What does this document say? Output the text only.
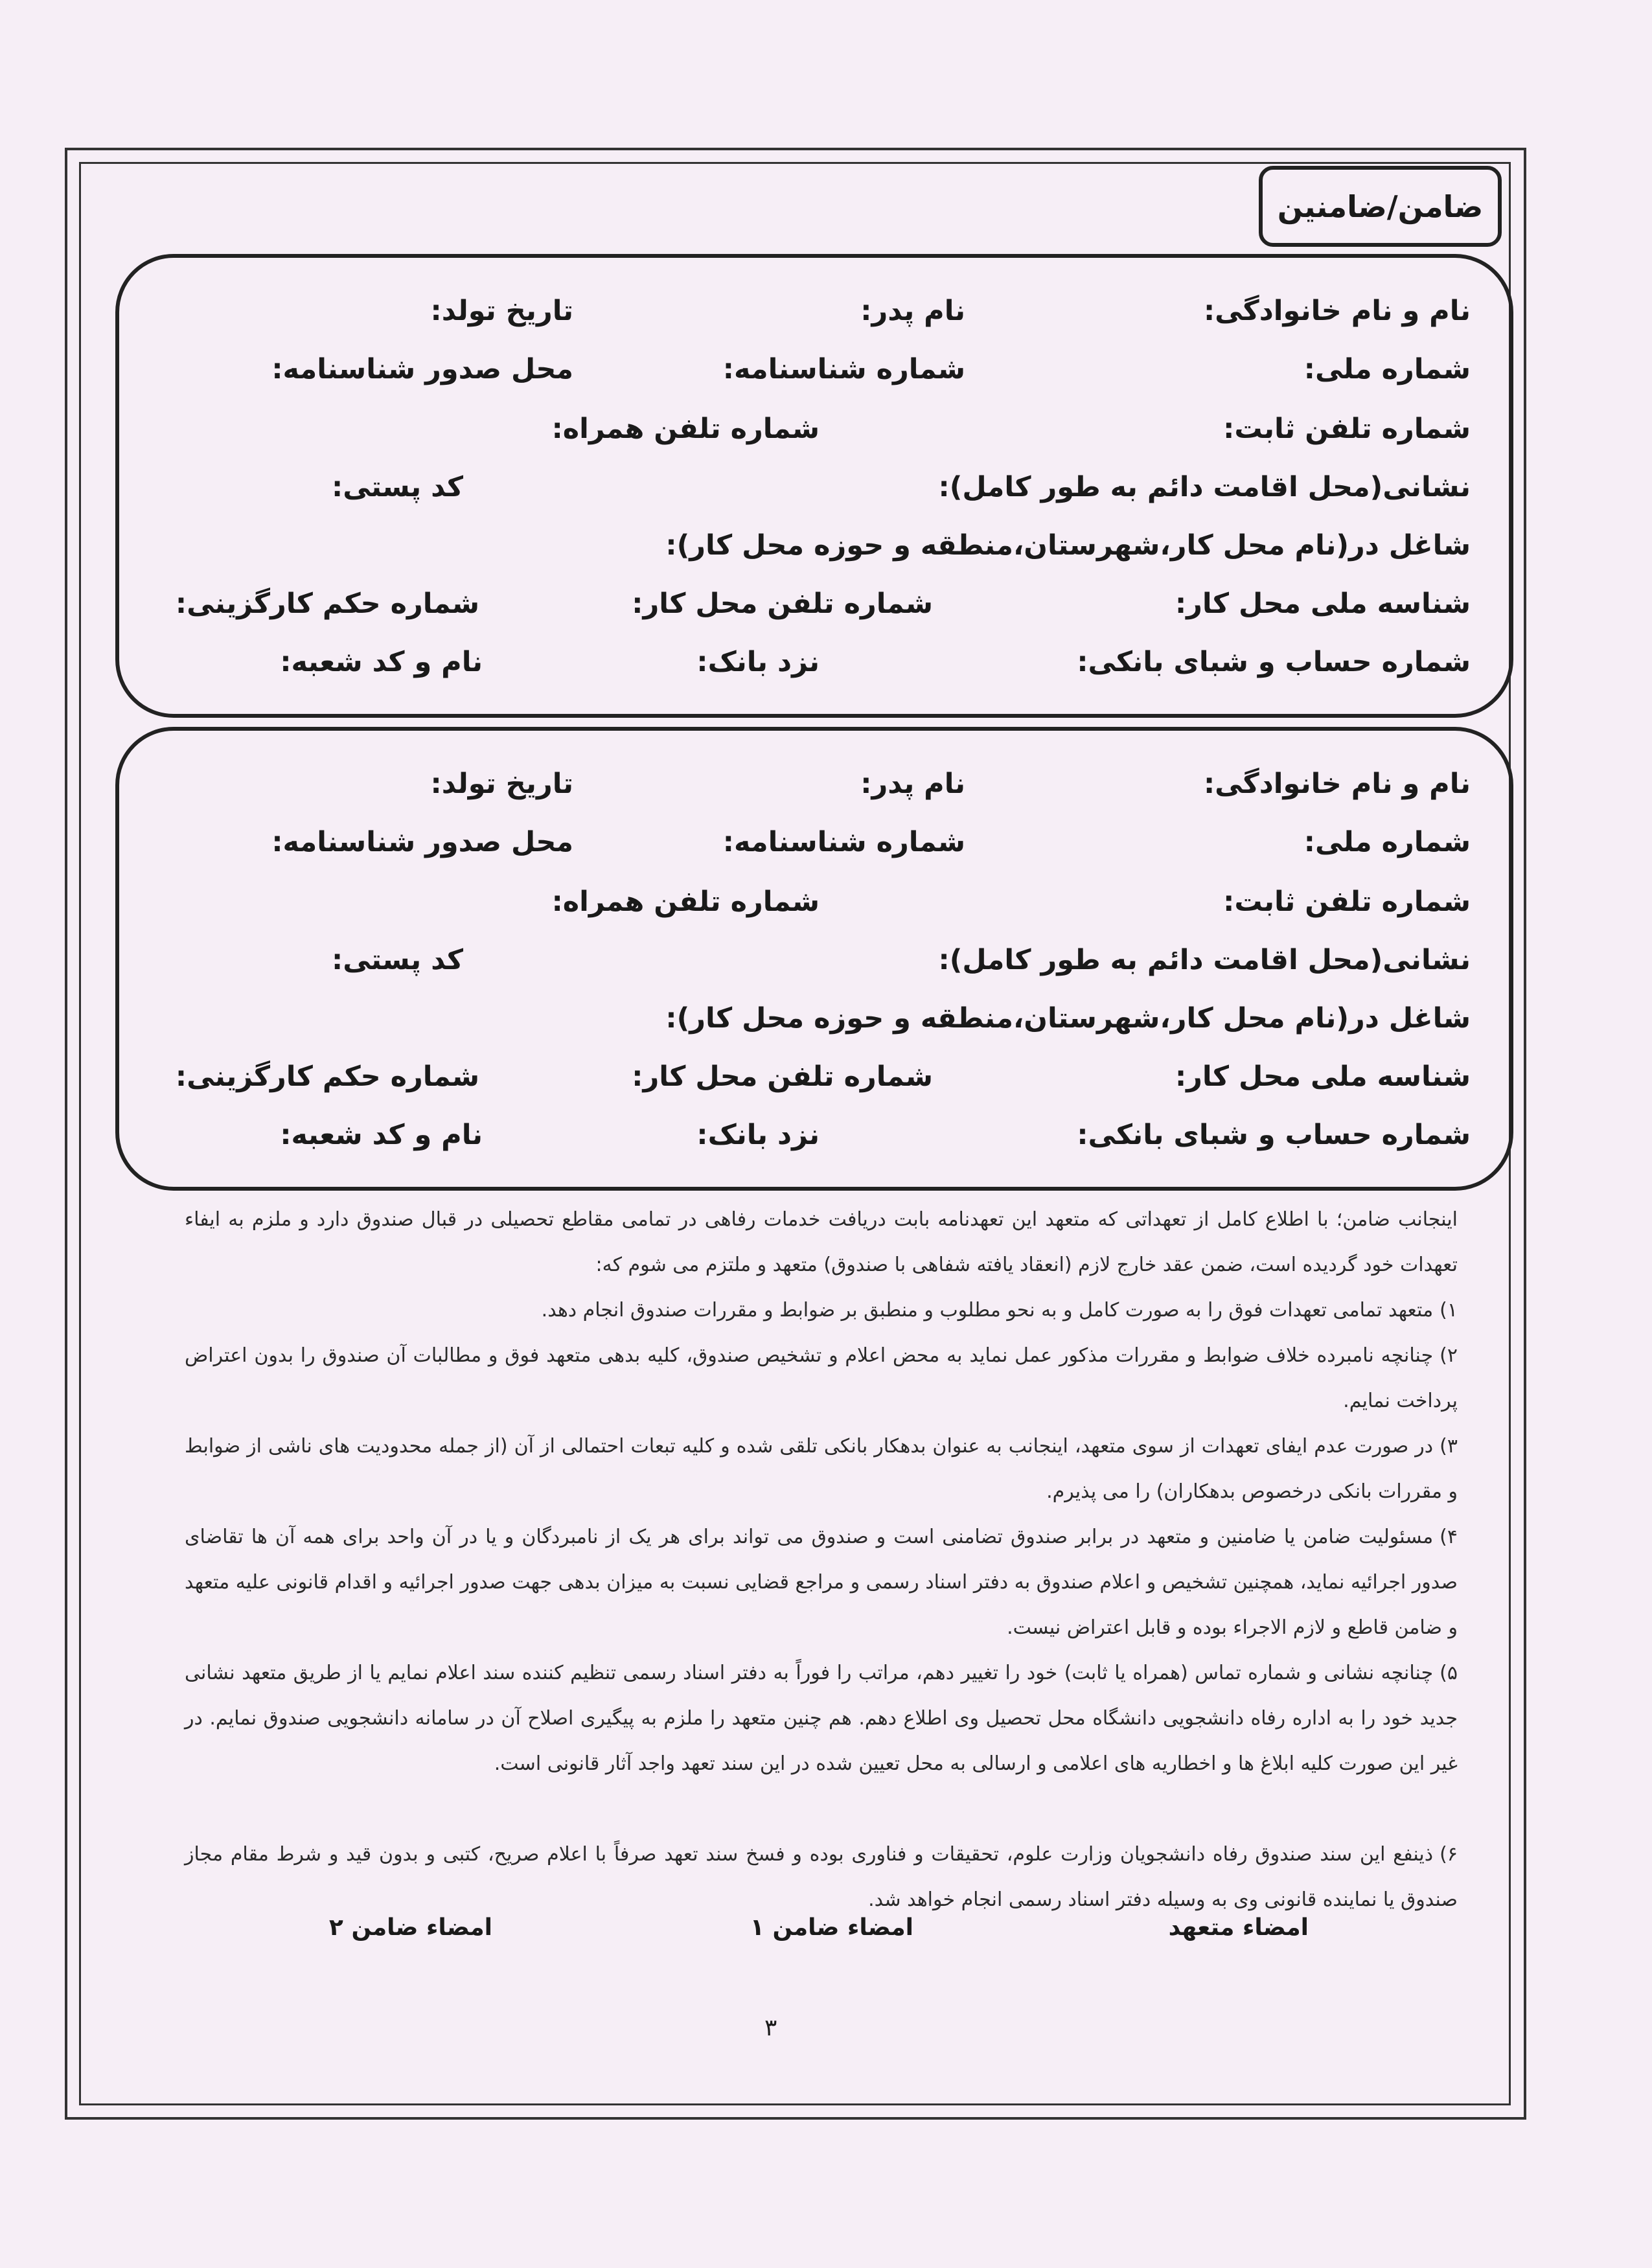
ضامن/ضامنین
نام و نام خانوادگی:
نام پدر:
تاریخ تولد:
شماره ملی:
شماره شناسنامه:
محل صدور شناسنامه:
شماره تلفن ثابت:
شماره تلفن همراه:
نشانی(محل اقامت دائم به طور کامل):
کد پستی:
شاغل در(نام محل کار،شهرستان،منطقه و حوزه محل کار):
شناسه ملی محل کار:
شماره تلفن محل کار:
شماره حکم کارگزینی:
شماره حساب و شبای بانکی:
نزد بانک:
نام و کد شعبه:
نام و نام خانوادگی:
نام پدر:
تاریخ تولد:
شماره ملی:
شماره شناسنامه:
محل صدور شناسنامه:
شماره تلفن ثابت:
شماره تلفن همراه:
نشانی(محل اقامت دائم به طور کامل):
کد پستی:
شاغل در(نام محل کار،شهرستان،منطقه و حوزه محل کار):
شناسه ملی محل کار:
شماره تلفن محل کار:
شماره حکم کارگزینی:
شماره حساب و شبای بانکی:
نزد بانک:
نام و کد شعبه:
اینجانب ضامن؛ با اطلاع کامل از تعهداتی که متعهد این تعهدنامه بابت دریافت خدمات رفاهی در تمامی مقاطع تحصیلی در قبال صندوق دارد و ملزم به ایفاء تعهدات خود گردیده است، ضمن عقد خارج لازم (انعقاد یافته شفاهی با صندوق) متعهد و ملتزم می شوم که:
۱)متعهد تمامی تعهدات فوق را به صورت کامل و به نحو مطلوب و منطبق بر ضوابط و مقررات صندوق انجام دهد.
۲)چنانچه نامبرده خلاف ضوابط و مقررات مذکور عمل نماید به محض اعلام و تشخیص صندوق، کلیه بدهی متعهد فوق و مطالبات آن صندوق را بدون اعتراض پرداخت نمایم.
۳)در صورت عدم ایفای تعهدات از سوی متعهد، اینجانب به عنوان بدهکار بانکی تلقی شده و کلیه تبعات احتمالی از آن (از جمله محدودیت های ناشی از ضوابط و مقررات بانکی درخصوص بدهکاران) را می پذیرم.
۴)مسئولیت ضامن یا ضامنین و متعهد در برابر صندوق تضامنی است و صندوق می تواند برای هر یک از نامبردگان و یا در آن واحد برای همه آن ها تقاضای صدور اجرائیه نماید، همچنین تشخیص و اعلام صندوق به دفتر اسناد رسمی و مراجع قضایی نسبت به میزان بدهی جهت صدور اجرائیه و اقدام قانونی علیه متعهد و ضامن قاطع و لازم الاجراء بوده و قابل اعتراض نیست.
۵)چنانچه نشانی و شماره تماس (همراه یا ثابت) خود را تغییر دهم، مراتب را فوراً به دفتر اسناد رسمی تنظیم کننده سند اعلام نمایم یا از طریق متعهد نشانی جدید خود را به اداره رفاه دانشجویی دانشگاه محل تحصیل وی اطلاع دهم. هم چنین متعهد را ملزم به پیگیری اصلاح آن در سامانه دانشجویی صندوق نمایم. در غیر این صورت کلیه ابلاغ ها و اخطاریه های اعلامی و ارسالی به محل تعیین شده در این سند تعهد واجد آثار قانونی است.
۶)ذینفع این سند صندوق رفاه دانشجویان وزارت علوم، تحقیقات و فناوری بوده و فسخ سند تعهد صرفاً با اعلام صریح، کتبی و بدون قید و شرط مقام مجاز صندوق یا نماینده قانونی وی به وسیله دفتر اسناد رسمی انجام خواهد شد.
امضاء متعهد
امضاء ضامن ۱
امضاء ضامن ۲
۳
